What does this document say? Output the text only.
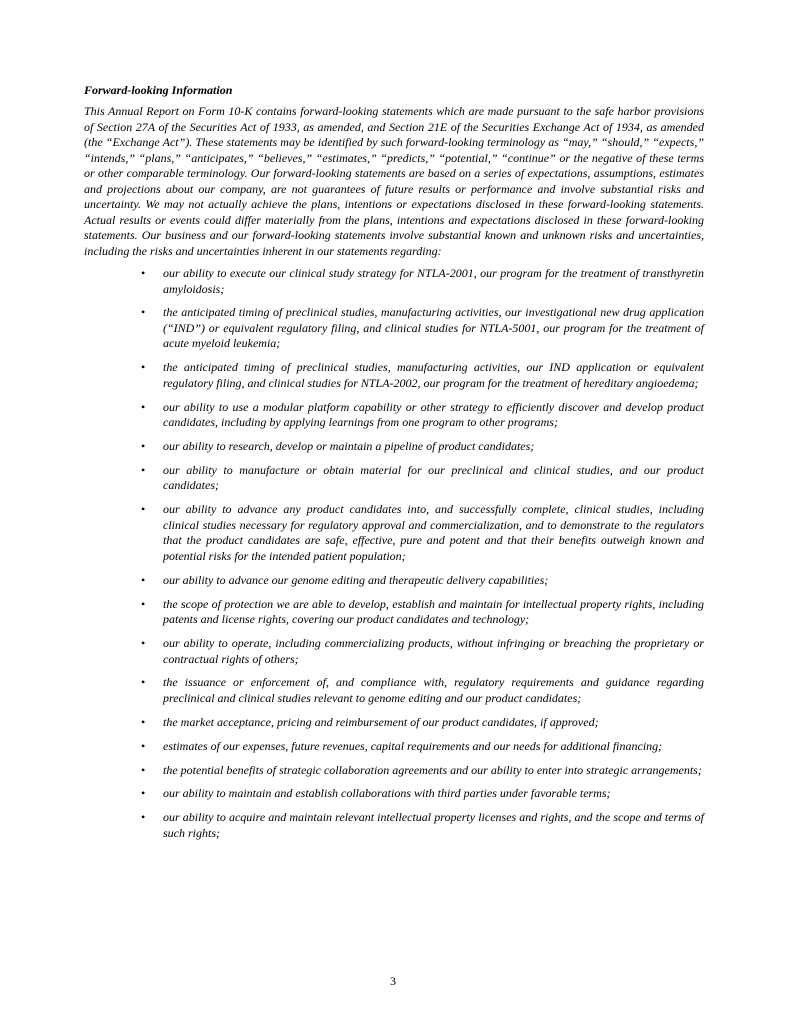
Forward-looking Information

This Annual Report on Form 10-K contains forward-looking statements which are made pursuant to the safe harbor provisions of Section 27A of the Securities Act of 1933, as amended, and Section 21E of the Securities Exchange Act of 1934, as amended (the “Exchange Act”). These statements may be identified by such forward-looking terminology as “may,” “should,” “expects,” “intends,” “plans,” “anticipates,” “believes,” “estimates,” “predicts,” “potential,” “continue” or the negative of these terms or other comparable terminology. Our forward-looking statements are based on a series of expectations, assumptions, estimates and projections about our company, are not guarantees of future results or performance and involve substantial risks and uncertainty. We may not actually achieve the plans, intentions or expectations disclosed in these forward-looking statements. Actual results or events could differ materially from the plans, intentions and expectations disclosed in these forward-looking statements. Our business and our forward-looking statements involve substantial known and unknown risks and uncertainties, including the risks and uncertainties inherent in our statements regarding:

• our ability to execute our clinical study strategy for NTLA-2001, our program for the treatment of transthyretin amyloidosis;
• the anticipated timing of preclinical studies, manufacturing activities, our investigational new drug application (“IND”) or equivalent regulatory filing, and clinical studies for NTLA-5001, our program for the treatment of acute myeloid leukemia;
• the anticipated timing of preclinical studies, manufacturing activities, our IND application or equivalent regulatory filing, and clinical studies for NTLA-2002, our program for the treatment of hereditary angioedema;
• our ability to use a modular platform capability or other strategy to efficiently discover and develop product candidates, including by applying learnings from one program to other programs;
• our ability to research, develop or maintain a pipeline of product candidates;
• our ability to manufacture or obtain material for our preclinical and clinical studies, and our product candidates;
• our ability to advance any product candidates into, and successfully complete, clinical studies, including clinical studies necessary for regulatory approval and commercialization, and to demonstrate to the regulators that the product candidates are safe, effective, pure and potent and that their benefits outweigh known and potential risks for the intended patient population;
• our ability to advance our genome editing and therapeutic delivery capabilities;
• the scope of protection we are able to develop, establish and maintain for intellectual property rights, including patents and license rights, covering our product candidates and technology;
• our ability to operate, including commercializing products, without infringing or breaching the proprietary or contractual rights of others;
• the issuance or enforcement of, and compliance with, regulatory requirements and guidance regarding preclinical and clinical studies relevant to genome editing and our product candidates;
• the market acceptance, pricing and reimbursement of our product candidates, if approved;
• estimates of our expenses, future revenues, capital requirements and our needs for additional financing;
• the potential benefits of strategic collaboration agreements and our ability to enter into strategic arrangements;
• our ability to maintain and establish collaborations with third parties under favorable terms;
• our ability to acquire and maintain relevant intellectual property licenses and rights, and the scope and terms of such rights;
3
